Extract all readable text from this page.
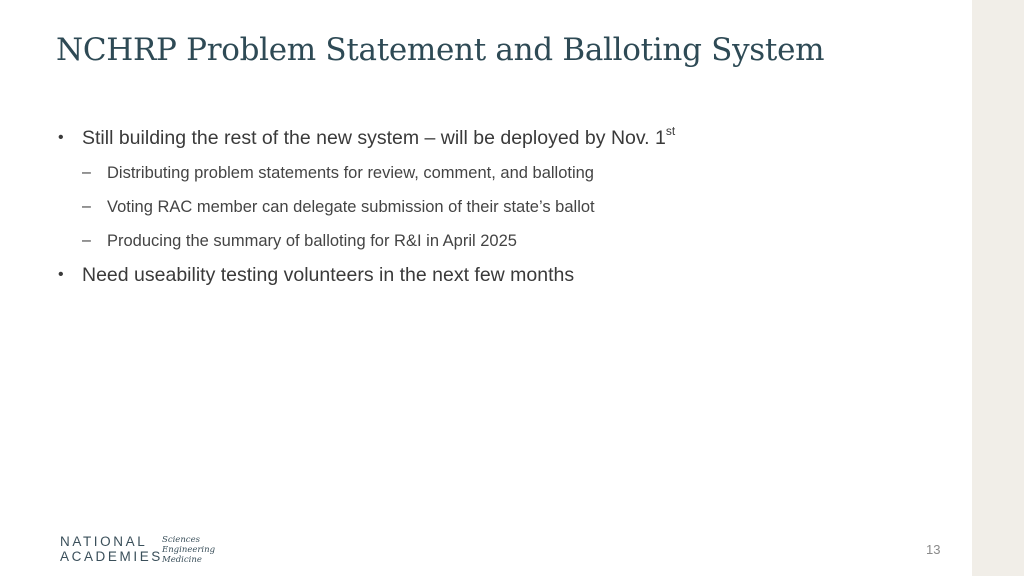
NCHRP Problem Statement and Balloting System
• Still building the rest of the new system – will be deployed by Nov. 1st
– Distributing problem statements for review, comment, and balloting
– Voting RAC member can delegate submission of their state’s ballot
– Producing the summary of balloting for R&I in April 2025
• Need useability testing volunteers in the next few months
NATIONAL
ACADEMIES
Sciences
Engineering
Medicine
13
